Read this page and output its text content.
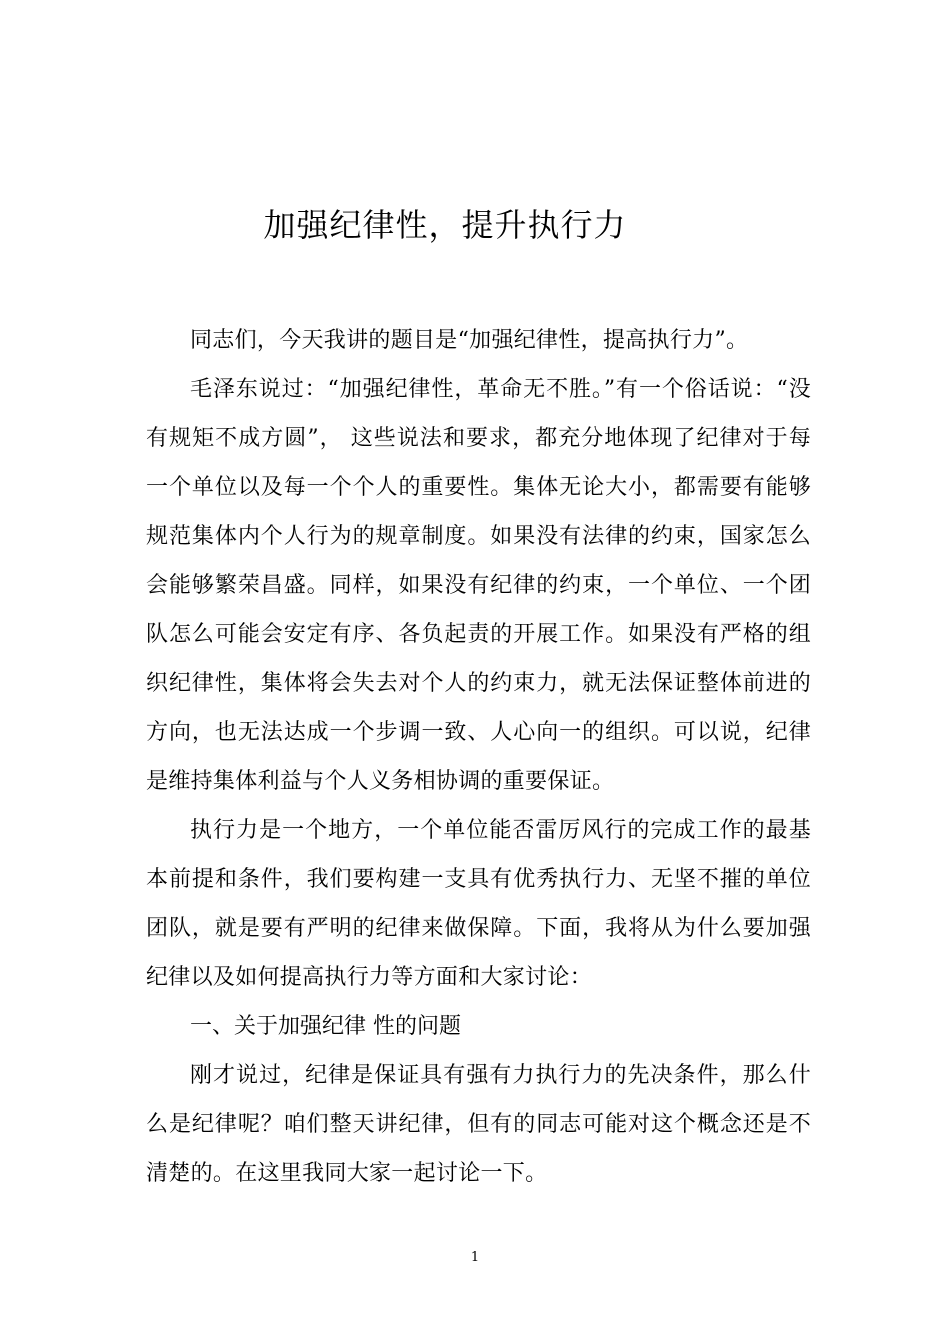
加强纪律性，提升执行力

同志们，今天我讲的题目是“加强纪律性，提高执行力”。

毛泽东说过：“加强纪律性，革命无不胜。”有一个俗话说：“没有规矩不成方圆”， 这些说法和要求，都充分地体现了纪律对于每一个单位以及每一个个人的重要性。集体无论大小，都需要有能够规范集体内个人行为的规章制度。如果没有法律的约束，国家怎么会能够繁荣昌盛。同样，如果没有纪律的约束，一个单位、一个团队怎么可能会安定有序、各负起责的开展工作。如果没有严格的组织纪律性，集体将会失去对个人的约束力，就无法保证整体前进的方向，也无法达成一个步调一致、人心向一的组织。可以说，纪律是维持集体利益与个人义务相协调的重要保证。

执行力是一个地方，一个单位能否雷厉风行的完成工作的最基本前提和条件，我们要构建一支具有优秀执行力、无坚不摧的单位团队，就是要有严明的纪律来做保障。下面，我将从为什么要加强纪律以及如何提高执行力等方面和大家讨论：

一、关于加强纪律 性的问题

刚才说过，纪律是保证具有强有力执行力的先决条件，那么什么是纪律呢？咱们整天讲纪律，但有的同志可能对这个概念还是不清楚的。在这里我同大家一起讨论一下。

1
